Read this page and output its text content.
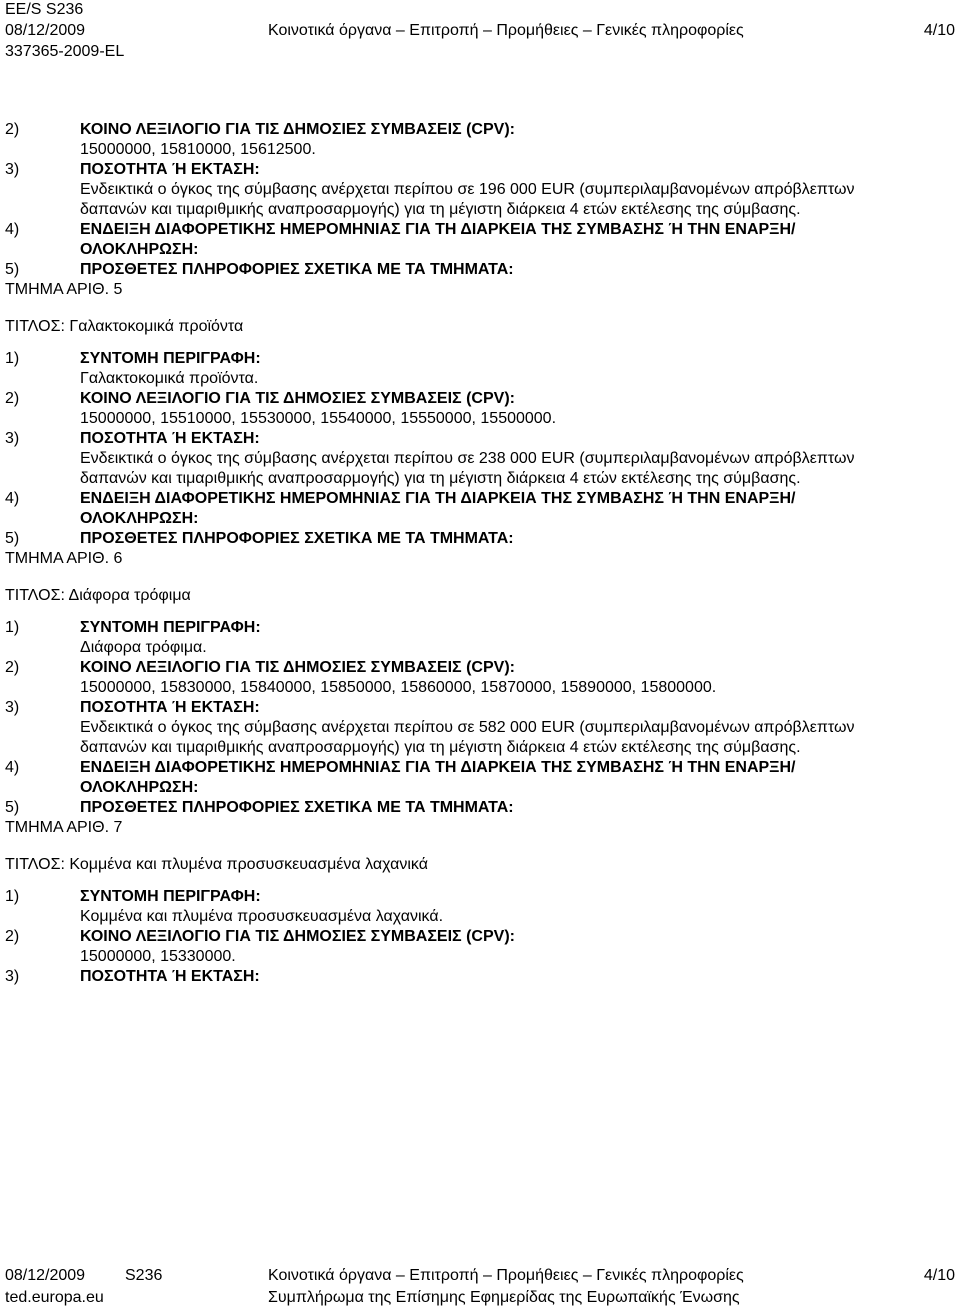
EE/S S236
08/12/2009	Κοινοτικά όργανα – Επιτροπή – Προμήθειες – Γενικές πληροφορίες	4/10
337365-2009-EL
2)	ΚΟΙΝΟ ΛΕΞΙΛΟΓΙΟ ΓΙΑ ΤΙΣ ΔΗΜΟΣΙΕΣ ΣΥΜΒΑΣΕΙΣ (CPV):
15000000, 15810000, 15612500.
3)	ΠΟΣΟΤΗΤΑ Ή ΕΚΤΑΣΗ:
Ενδεικτικά ο όγκος της σύμβασης ανέρχεται περίπου σε 196 000 EUR (συμπεριλαμβανομένων απρόβλεπτων
δαπανών και τιμαριθμικής αναπροσαρμογής) για τη μέγιστη διάρκεια 4 ετών εκτέλεσης της σύμβασης.
4)	ΕΝΔΕΙΞΗ ΔΙΑΦΟΡΕΤΙΚΗΣ ΗΜΕΡΟΜΗΝΙΑΣ ΓΙΑ ΤΗ ΔΙΑΡΚΕΙΑ ΤΗΣ ΣΥΜΒΑΣΗΣ Ή ΤΗΝ ΕΝΑΡΞΗ/
ΟΛΟΚΛΗΡΩΣΗ:
5)	ΠΡΟΣΘΕΤΕΣ ΠΛΗΡΟΦΟΡΙΕΣ ΣΧΕΤΙΚΑ ΜΕ ΤΑ ΤΜΗΜΑΤΑ:
ΤΜΗΜΑ ΑΡΙΘ. 5
ΤΙΤΛΟΣ: Γαλακτοκομικά προϊόντα
1)	ΣΥΝΤΟΜΗ ΠΕΡΙΓΡΑΦΗ:
Γαλακτοκομικά προϊόντα.
2)	ΚΟΙΝΟ ΛΕΞΙΛΟΓΙΟ ΓΙΑ ΤΙΣ ΔΗΜΟΣΙΕΣ ΣΥΜΒΑΣΕΙΣ (CPV):
15000000, 15510000, 15530000, 15540000, 15550000, 15500000.
3)	ΠΟΣΟΤΗΤΑ Ή ΕΚΤΑΣΗ:
Ενδεικτικά ο όγκος της σύμβασης ανέρχεται περίπου σε 238 000 EUR (συμπεριλαμβανομένων απρόβλεπτων
δαπανών και τιμαριθμικής αναπροσαρμογής) για τη μέγιστη διάρκεια 4 ετών εκτέλεσης της σύμβασης.
4)	ΕΝΔΕΙΞΗ ΔΙΑΦΟΡΕΤΙΚΗΣ ΗΜΕΡΟΜΗΝΙΑΣ ΓΙΑ ΤΗ ΔΙΑΡΚΕΙΑ ΤΗΣ ΣΥΜΒΑΣΗΣ Ή ΤΗΝ ΕΝΑΡΞΗ/
ΟΛΟΚΛΗΡΩΣΗ:
5)	ΠΡΟΣΘΕΤΕΣ ΠΛΗΡΟΦΟΡΙΕΣ ΣΧΕΤΙΚΑ ΜΕ ΤΑ ΤΜΗΜΑΤΑ:
ΤΜΗΜΑ ΑΡΙΘ. 6
ΤΙΤΛΟΣ: Διάφορα τρόφιμα
1)	ΣΥΝΤΟΜΗ ΠΕΡΙΓΡΑΦΗ:
Διάφορα τρόφιμα.
2)	ΚΟΙΝΟ ΛΕΞΙΛΟΓΙΟ ΓΙΑ ΤΙΣ ΔΗΜΟΣΙΕΣ ΣΥΜΒΑΣΕΙΣ (CPV):
15000000, 15830000, 15840000, 15850000, 15860000, 15870000, 15890000, 15800000.
3)	ΠΟΣΟΤΗΤΑ Ή ΕΚΤΑΣΗ:
Ενδεικτικά ο όγκος της σύμβασης ανέρχεται περίπου σε 582 000 EUR (συμπεριλαμβανομένων απρόβλεπτων
δαπανών και τιμαριθμικής αναπροσαρμογής) για τη μέγιστη διάρκεια 4 ετών εκτέλεσης της σύμβασης.
4)	ΕΝΔΕΙΞΗ ΔΙΑΦΟΡΕΤΙΚΗΣ ΗΜΕΡΟΜΗΝΙΑΣ ΓΙΑ ΤΗ ΔΙΑΡΚΕΙΑ ΤΗΣ ΣΥΜΒΑΣΗΣ Ή ΤΗΝ ΕΝΑΡΞΗ/
ΟΛΟΚΛΗΡΩΣΗ:
5)	ΠΡΟΣΘΕΤΕΣ ΠΛΗΡΟΦΟΡΙΕΣ ΣΧΕΤΙΚΑ ΜΕ ΤΑ ΤΜΗΜΑΤΑ:
ΤΜΗΜΑ ΑΡΙΘ. 7
ΤΙΤΛΟΣ: Κομμένα και πλυμένα προσυσκευασμένα λαχανικά
1)	ΣΥΝΤΟΜΗ ΠΕΡΙΓΡΑΦΗ:
Κομμένα και πλυμένα προσυσκευασμένα λαχανικά.
2)	ΚΟΙΝΟ ΛΕΞΙΛΟΓΙΟ ΓΙΑ ΤΙΣ ΔΗΜΟΣΙΕΣ ΣΥΜΒΑΣΕΙΣ (CPV):
15000000, 15330000.
3)	ΠΟΣΟΤΗΤΑ Ή ΕΚΤΑΣΗ:
08/12/2009 S236	Κοινοτικά όργανα – Επιτροπή – Προμήθειες – Γενικές πληροφορίες	4/10
ted.europa.eu	Συμπλήρωμα της Επίσημης Εφημερίδας της Ευρωπαϊκής Ένωσης
